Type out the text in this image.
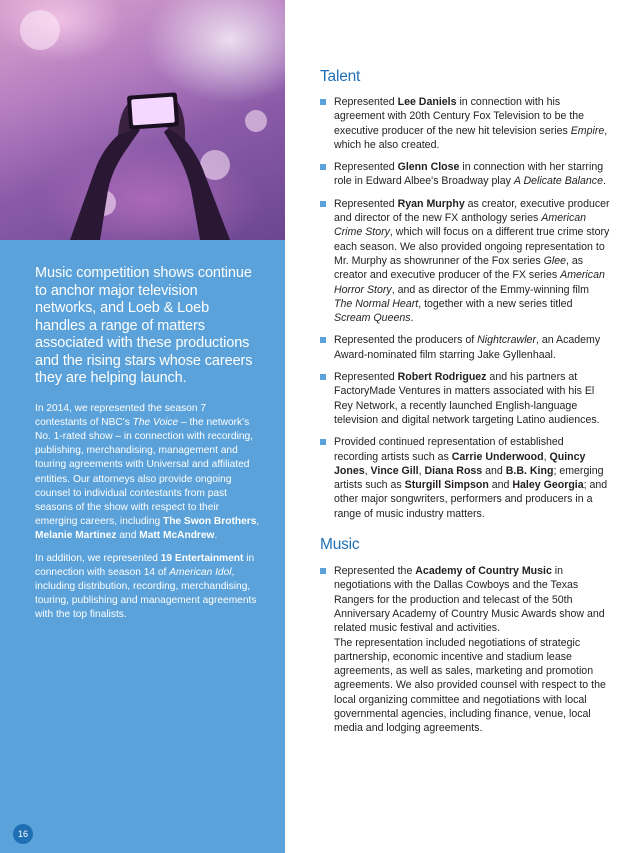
Music competition shows continue to anchor major television networks, and Loeb & Loeb handles a range of matters associated with these productions and the rising stars whose careers they are helping launch.

In 2014, we represented the season 7 contestants of NBC's The Voice – the network's No. 1-rated show – in connection with recording, publishing, merchandising, management and touring agreements with Universal and affiliated entities. Our attorneys also provide ongoing counsel to individual contestants from past seasons of the show with respect to their emerging careers, including The Swon Brothers, Melanie Martinez and Matt McAndrew.

In addition, we represented 19 Entertainment in connection with season 14 of American Idol, including distribution, recording, merchandising, touring, publishing and management agreements with the top finalists.

16
Talent
Represented Lee Daniels in connection with his agreement with 20th Century Fox Television to be the executive producer of the new hit television series Empire, which he also created.
Represented Glenn Close in connection with her starring role in Edward Albee's Broadway play A Delicate Balance.
Represented Ryan Murphy as creator, executive producer and director of the new FX anthology series American Crime Story, which will focus on a different true crime story each season. We also provided ongoing representation to Mr. Murphy as showrunner of the Fox series Glee, as creator and executive producer of the FX series American Horror Story, and as director of the Emmy-winning film The Normal Heart, together with a new series titled Scream Queens.
Represented the producers of Nightcrawler, an Academy Award-nominated film starring Jake Gyllenhaal.
Represented Robert Rodriguez and his partners at FactoryMade Ventures in matters associated with his El Rey Network, a recently launched English-language television and digital network targeting Latino audiences.
Provided continued representation of established recording artists such as Carrie Underwood, Quincy Jones, Vince Gill, Diana Ross and B.B. King; emerging artists such as Sturgill Simpson and Haley Georgia; and other major songwriters, performers and producers in a range of music industry matters.
Music
Represented the Academy of Country Music in negotiations with the Dallas Cowboys and the Texas Rangers for the production and telecast of the 50th Anniversary Academy of Country Music Awards show and related music festival and activities.
The representation included negotiations of strategic partnership, economic incentive and stadium lease agreements, as well as sales, marketing and promotion agreements. We also provided counsel with respect to the local organizing committee and negotiations with local governmental agencies, including finance, venue, local media and lodging agreements.
